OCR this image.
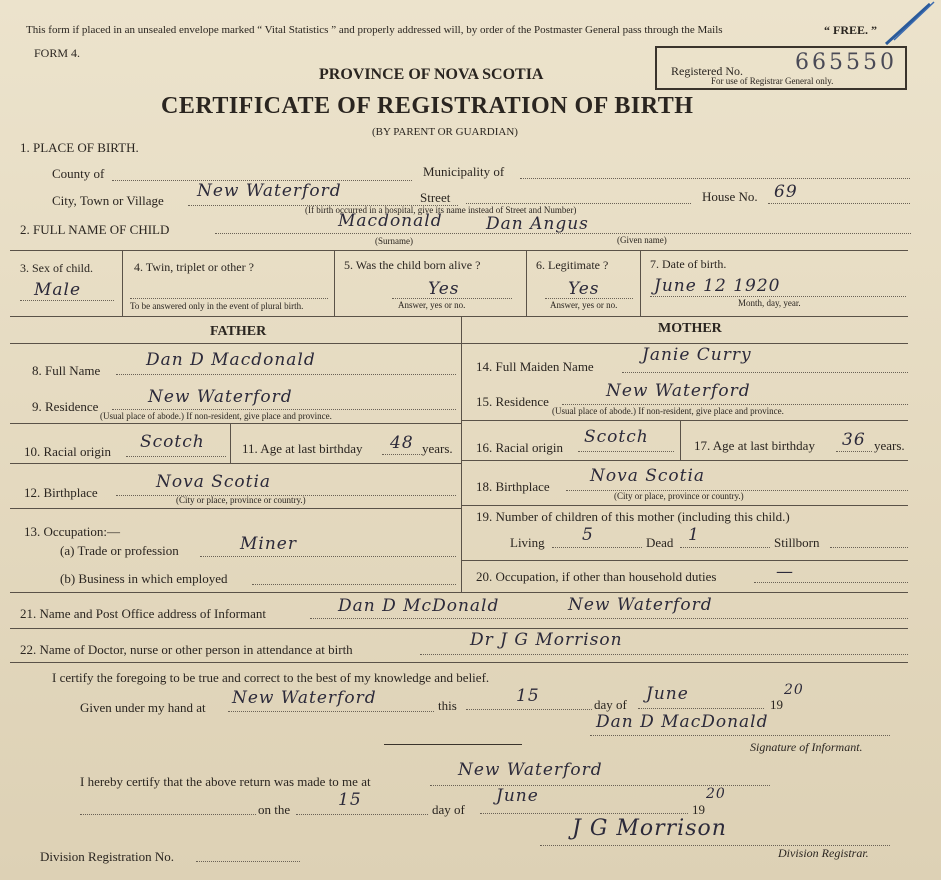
This form if placed in an unsealed envelope marked “ Vital Statistics ” and properly addressed will, by order of the Postmaster General pass through the Mails	“ FREE. ”
FORM 4.
PROVINCE OF NOVA SCOTIA
CERTIFICATE OF REGISTRATION OF BIRTH
(BY PARENT OR GUARDIAN)
Registered No. 665550
For use of Registrar General only.
1. PLACE OF BIRTH.
County of	Municipality of
City, Town or Village New Waterford	Street
(If birth occurred in a hospital, give its name instead of Street and Number)
House No. 69
2. FULL NAME OF CHILD	Macdonald	Dan Angus
(Surname)	(Given name)
3. Sex of child.
Male
4. Twin, triplet or other ?
To be answered only in the event of plural birth.
5. Was the child born alive ?
Yes
Answer, yes or no.
6. Legitimate ?
Yes
Answer, yes or no.
7. Date of birth.
June 12 1920
Month, day, year.
FATHER	MOTHER
8. Full Name
Dan D Macdonald
9. Residence	New Waterford
(Usual place of abode.) If non-resident, give place and province.
10. Racial origin Scotch	11. Age at last birthday 48 years.
12. Birthplace
Nova Scotia
(City or place, province or country.)
13. Occupation:—
(a) Trade or profession	Miner
(b) Business in which employed
14. Full Maiden Name
Janie Curry
15. Residence
New Waterford
(Usual place of abode.) If non-resident, give place and province.
16. Racial origin
Scotch	17. Age at last birthday 36 years.
18. Birthplace
Nova Scotia
(City or place, province or country.)
19. Number of children of this mother (including this child.)
Living 5	Dead 1	Stillborn
20. Occupation, if other than household duties	—
21. Name and Post Office address of Informant	Dan D McDonald	New Waterford
22. Name of Doctor, nurse or other person in attendance at birth	Dr J G Morrison
I certify the foregoing to be true and correct to the best of my knowledge and belief.
Given under my hand at New Waterford	this	15	day of
June
19
20
Dan D MacDonald
Signature of Informant.
I hereby certify that the above return was made to me at
New Waterford
on the	15	day of
June
19
20
J G Morrison
Division Registrar.
Division Registration No.
